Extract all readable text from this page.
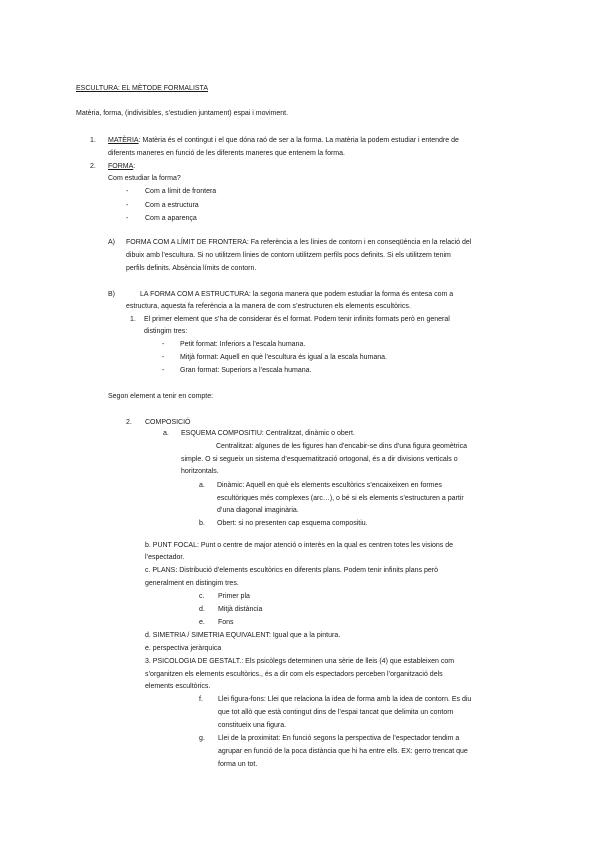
ESCULTURA: EL MÈTODE FORMALISTA
Matèria, forma, (indivisibles, s’estudien juntament) espai i moviment.
1. MATÈRIA: Matèria és el contingut i el que dóna raó de ser a la forma. La matèria la podem estudiar i entendre de
diferents maneres en funció de les diferents maneres que entenem la forma.
2. FORMA:
Com estudiar la forma?
- Com a límit de frontera
- Com a estructura
- Com a aparença
A) FORMA COM A LÍMIT DE FRONTERA: Fa referència a les línies de contorn i en conseqüència en la relació del
dibuix amb l’escultura. Si no utilitzem línies de contorn utilitzem perfils pocs definits. Si els utilitzem tenim
perfils definits. Absència límits de contorn.
B)	LA FORMA COM A ESTRUCTURA: la segona manera que podem estudiar la forma és entesa com a
estructura, aquesta fa referència a la manera de com s’estructuren els elements escultòrics.
1. El primer element que s’ha de considerar és el format. Podem tenir infinits formats però en general
distingim tres:
- Petit format: Inferiors a l’escala humana.
- Mitjà format: Aquell en què l’escultura és igual a la escala humana.
- Gran format: Superiors a l’escala humana.
Segon element a tenir en compte:
2. COMPOSICIÓ
a. ESQUEMA COMPOSITIU: Centralitzat, dinàmic o obert.
Centralitzat: algunes de les figures han d’encabir-se dins d’una figura geomètrica
simple. O si segueix un sistema d’esquematització ortogonal, és a dir divisions verticals o
horitzontals.
a. Dinàmic: Aquell en què els elements escultòrics s’encaixeixen en formes
escultòriques més complexes (arc…), o bé si els elements s’estructuren a partir
d’una diagonal imaginària.
b. Obert: si no presenten cap esquema compositiu.
b. PUNT FOCAL: Punt o centre de major atenció o interès en la qual es centren totes les visions de
l’espectador.
c. PLANS: Distribució d’elements escultòrics en diferents plans. Podem tenir infinits plans però
generalment en distingim tres.
c. Primer pla
d. Mitjà distància
e. Fons
d. SIMETRIA / SIMETRIA EQUIVALENT: Igual que a la pintura.
e. perspectiva jeràrquica
3. PSICOLOGIA DE GESTALT.: Els psicòlegs determinen una sèrie de lleis (4) que estableixen com
s’organitzen els elements escultòrics., és a dir com els espectadors perceben l’organització dels
elements escultòrics.
f. Llei figura-fons: Llei que relaciona la idea de forma amb la idea de contorn. Es diu
que tot allò que està contingut dins de l’espai tancat que delimita un contorn
constitueix una figura.
g. Llei de la proximitat: En funció segons la perspectiva de l’espectador tendim a
agrupar en funció de la poca distància que hi ha entre ells. EX: gerro trencat que
forma un tot.
